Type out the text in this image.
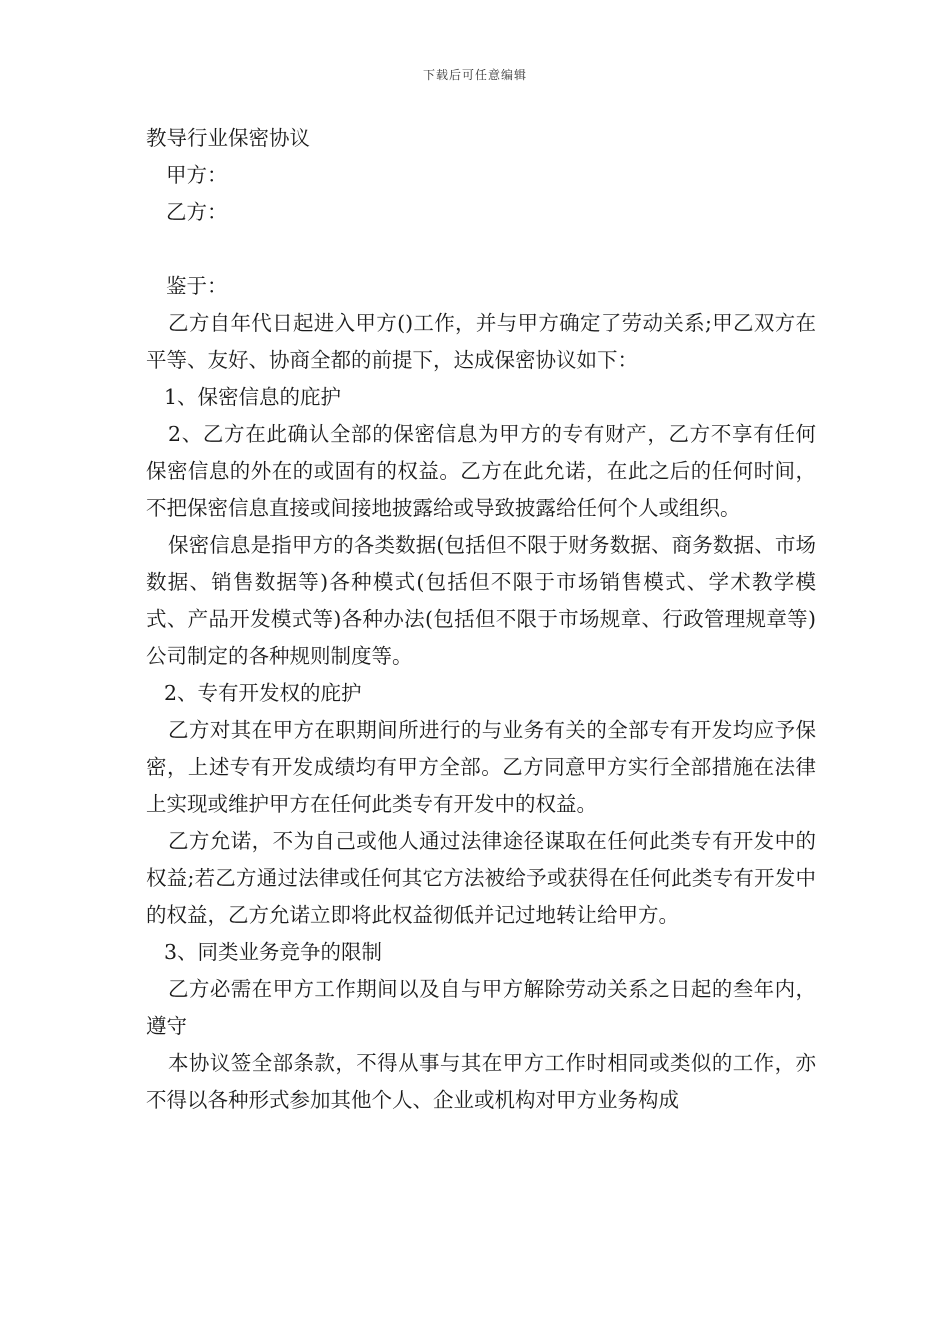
下载后可任意编辑

教导行业保密协议

甲方：

乙方：

鉴于：

乙方自年代日起进入甲方()工作，并与甲方确定了劳动关系;甲乙双方在平等、友好、协商全都的前提下，达成保密协议如下：

1、保密信息的庇护

2、乙方在此确认全部的保密信息为甲方的专有财产，乙方不享有任何保密信息的外在的或固有的权益。乙方在此允诺，在此之后的任何时间，不把保密信息直接或间接地披露给或导致披露给任何个人或组织。

保密信息是指甲方的各类数据(包括但不限于财务数据、商务数据、市场数据、销售数据等)各种模式(包括但不限于市场销售模式、学术教学模式、产品开发模式等)各种办法(包括但不限于市场规章、行政管理规章等)公司制定的各种规则制度等。

2、专有开发权的庇护

乙方对其在甲方在职期间所进行的与业务有关的全部专有开发均应予保密，上述专有开发成绩均有甲方全部。乙方同意甲方实行全部措施在法律上实现或维护甲方在任何此类专有开发中的权益。

乙方允诺，不为自己或他人通过法律途径谋取在任何此类专有开发中的权益;若乙方通过法律或任何其它方法被给予或获得在任何此类专有开发中的权益，乙方允诺立即将此权益彻低并记过地转让给甲方。

3、同类业务竞争的限制

乙方必需在甲方工作期间以及自与甲方解除劳动关系之日起的叁年内，遵守

本协议签全部条款，不得从事与其在甲方工作时相同或类似的工作，亦不得以各种形式参加其他个人、企业或机构对甲方业务构成
